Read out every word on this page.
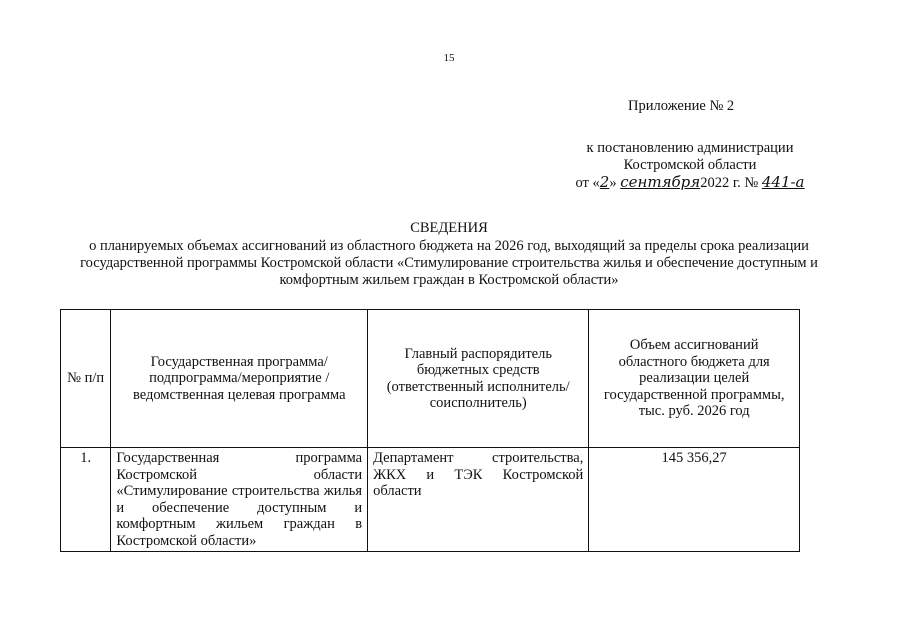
15
Приложение № 2
к постановлению администрации
Костромской области
от «2» сентября2022 г. № 441-а
СВЕДЕНИЯ
о планируемых объемах ассигнований из областного бюджета на 2026 год, выходящий за пределы срока реализации государственной программы Костромской области «Стимулирование строительства жилья и обеспечение доступным и комфортным жильем граждан в Костромской области»
№ п/п	Государственная программа/подпрограмма/мероприятие /ведомственная целевая программа	Главный распорядитель бюджетных средств (ответственный исполнитель/соисполнитель)	Объем ассигнований областного бюджета для реализации целей государственной программы, тыс. руб. 2026 год
1.	Государственная программа Костромской области «Стимулирование строительства жилья и обеспечение доступным и комфортным жильем граждан в Костромской области»	Департамент строительства, ЖКХ и ТЭК Костромской области	145 356,27
